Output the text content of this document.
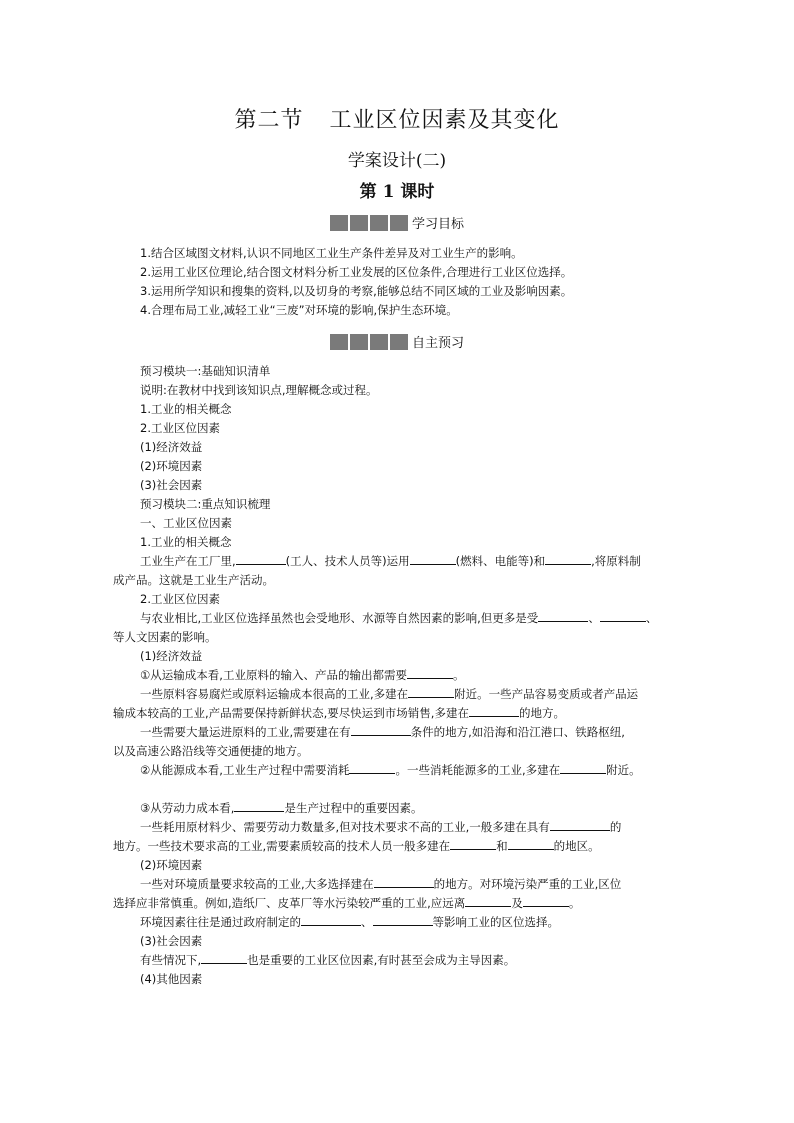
第二节 工业区位因素及其变化
学案设计(二)
第 1 课时
学习目标
1.结合区域图文材料,认识不同地区工业生产条件差异及对工业生产的影响。
2.运用工业区位理论,结合图文材料分析工业发展的区位条件,合理进行工业区位选择。
3.运用所学知识和搜集的资料,以及切身的考察,能够总结不同区域的工业及影响因素。
4.合理布局工业,减轻工业“三废”对环境的影响,保护生态环境。
自主预习
预习模块一:基础知识清单
说明:在教材中找到该知识点,理解概念或过程。
1.工业的相关概念
2.工业区位因素
(1)经济效益
(2)环境因素
(3)社会因素
预习模块二:重点知识梳理
一、工业区位因素
1.工业的相关概念
工业生产在工厂里,	(工人、技术人员等)运用	(燃料、电能等)和	,将原料制
成产品。这就是工业生产活动。
2.工业区位因素
与农业相比,工业区位选择虽然也会受地形、水源等自然因素的影响,但更多是受	、	、
等人文因素的影响。
(1)经济效益
①从运输成本看,工业原料的输入、产品的输出都需要	。
一些原料容易腐烂或原料运输成本很高的工业,多建在	附近。一些产品容易变质或者产品运
输成本较高的工业,产品需要保持新鲜状态,要尽快运到市场销售,多建在	的地方。
一些需要大量运进原料的工业,需要建在有	条件的地方,如沿海和沿江港口、铁路枢纽,
以及高速公路沿线等交通便捷的地方。
②从能源成本看,工业生产过程中需要消耗	。一些消耗能源多的工业,多建在	附近。
③从劳动力成本看,	是生产过程中的重要因素。
一些耗用原材料少、需要劳动力数量多,但对技术要求不高的工业,一般多建在具有	的
地方。一些技术要求高的工业,需要素质较高的技术人员一般多建在	和	的地区。
(2)环境因素
一些对环境质量要求较高的工业,大多选择建在	的地方。对环境污染严重的工业,区位
选择应非常慎重。例如,造纸厂、皮革厂等水污染较严重的工业,应远离	及	。
环境因素往往是通过政府制定的	、	等影响工业的区位选择。
(3)社会因素
有些情况下,	也是重要的工业区位因素,有时甚至会成为主导因素。
(4)其他因素
